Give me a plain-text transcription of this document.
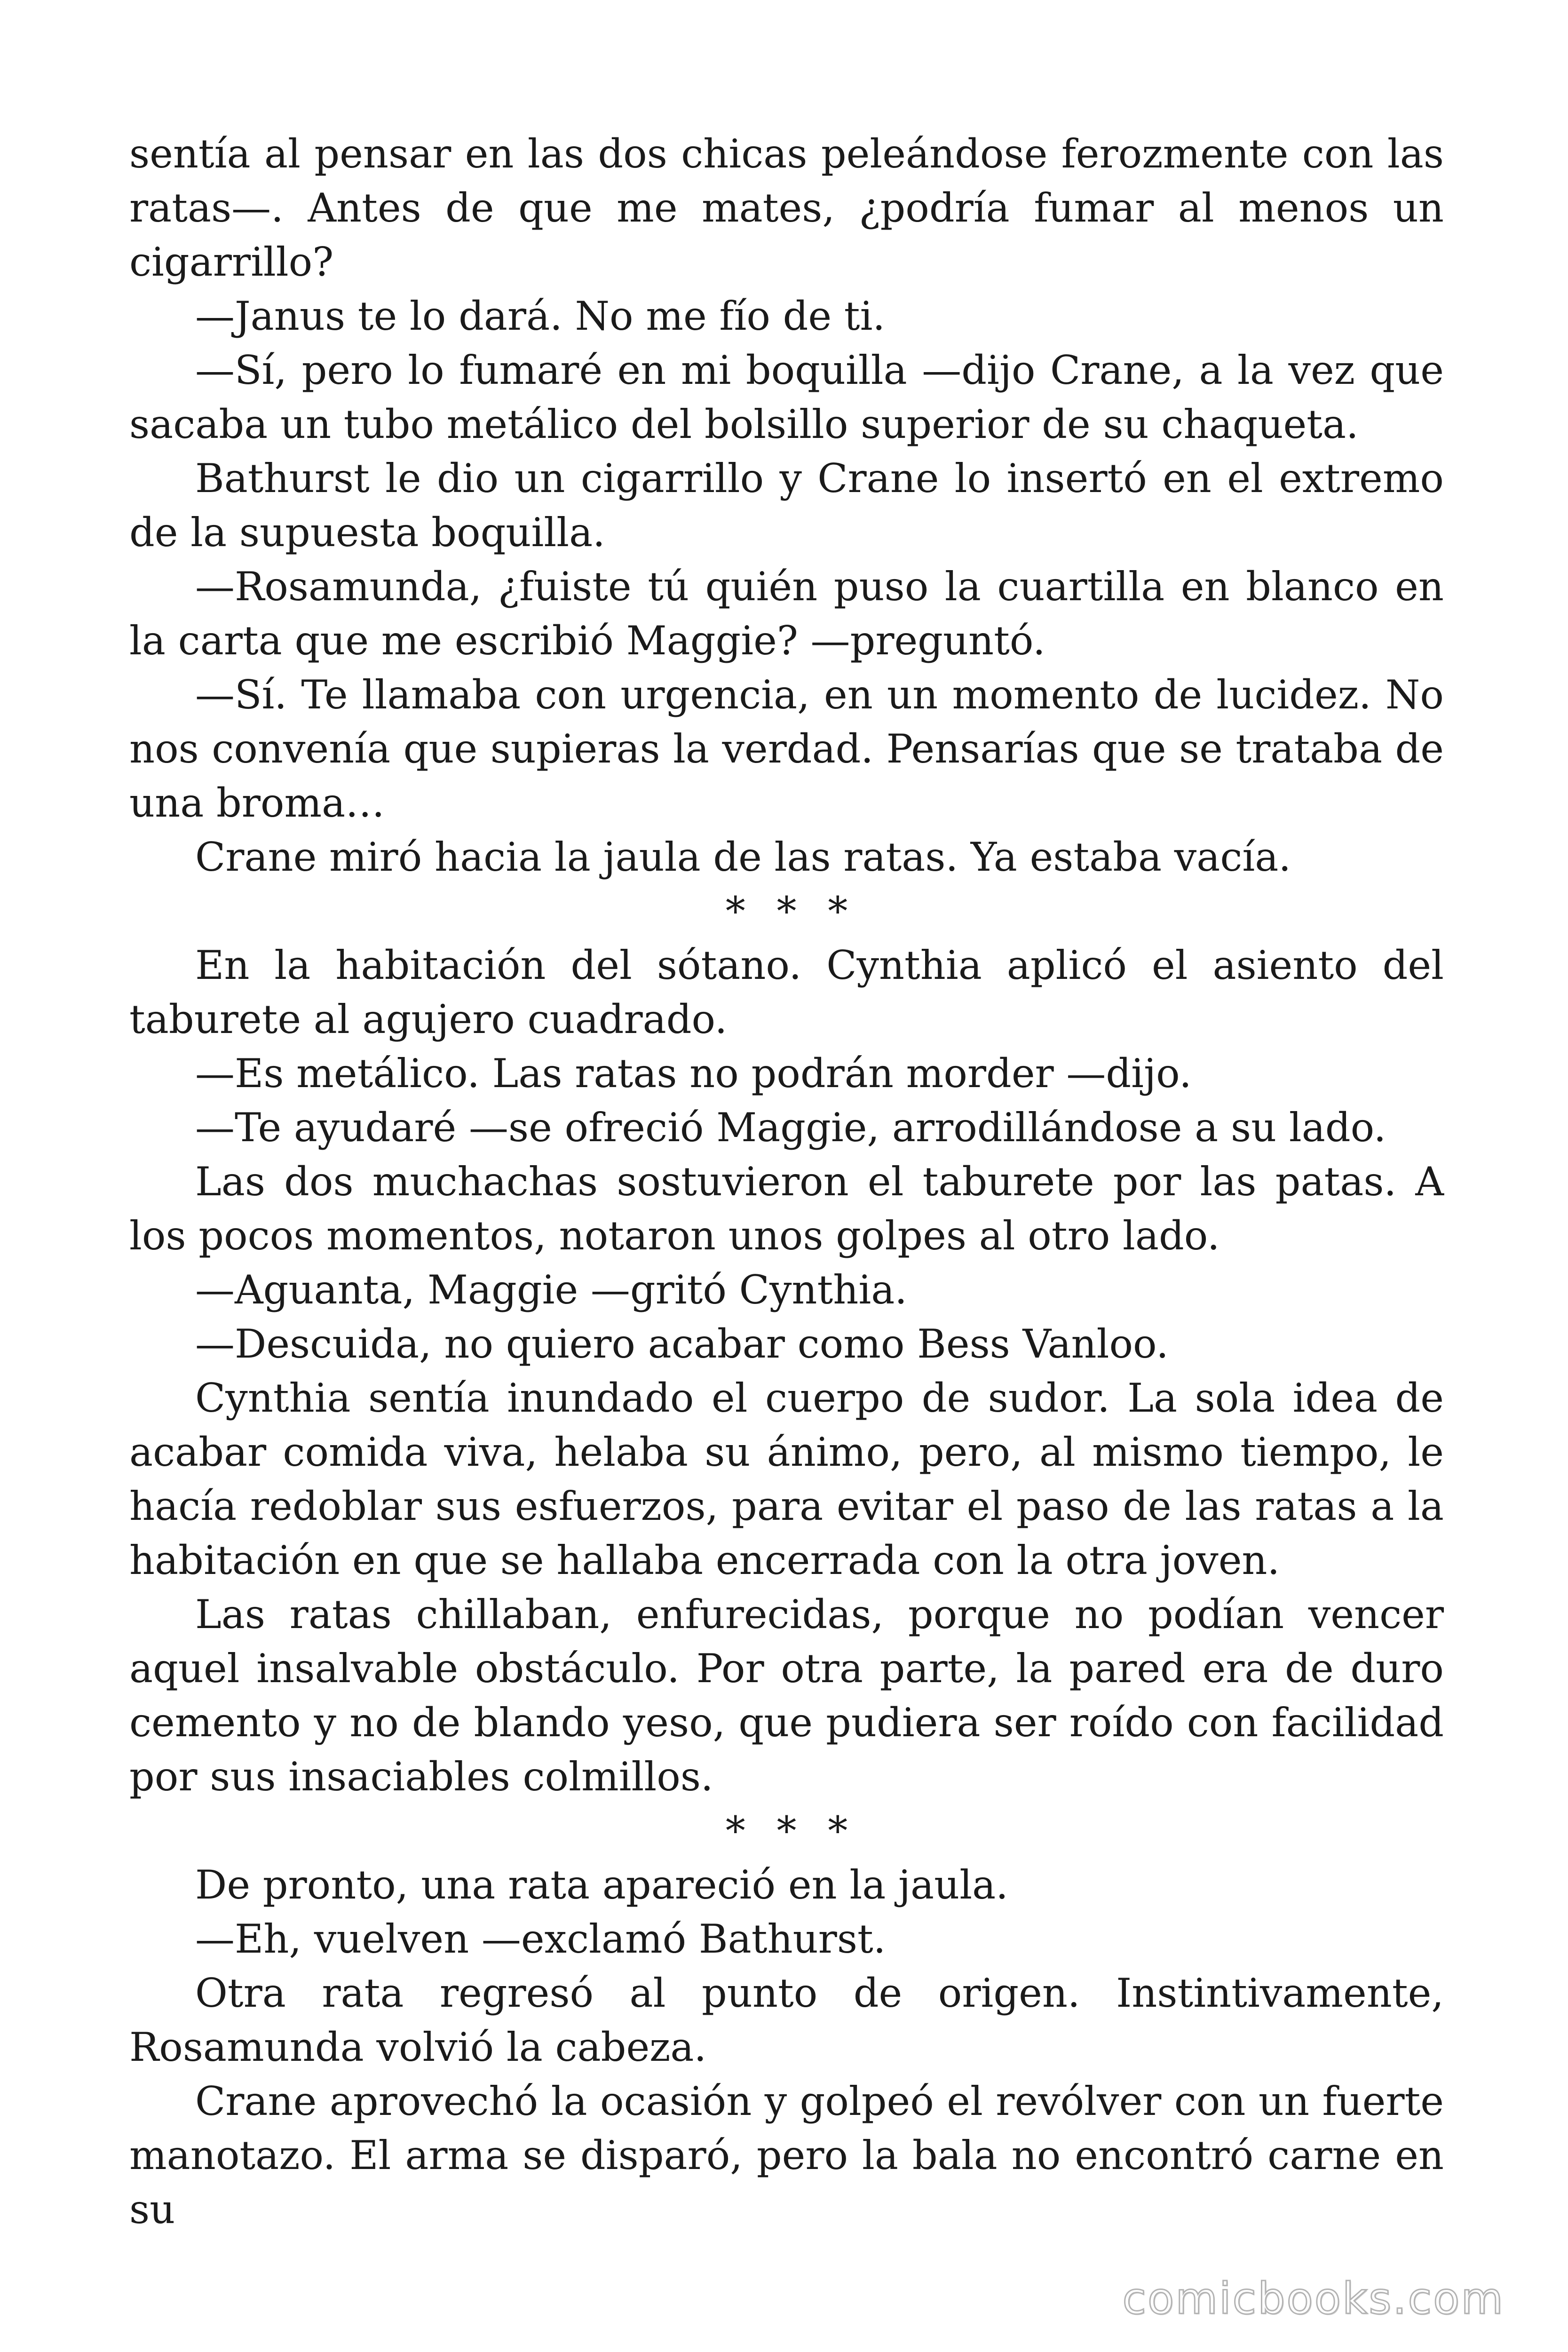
sentía al pensar en las dos chicas peleándose ferozmente con las ratas—. Antes de que me mates, ¿podría fumar al menos un cigarrillo?

—Janus te lo dará. No me fío de ti.

—Sí, pero lo fumaré en mi boquilla —dijo Crane, a la vez que sacaba un tubo metálico del bolsillo superior de su chaqueta.

Bathurst le dio un cigarrillo y Crane lo insertó en el extremo de la supuesta boquilla.

—Rosamunda, ¿fuiste tú quién puso la cuartilla en blanco en la carta que me escribió Maggie? —preguntó.

—Sí. Te llamaba con urgencia, en un momento de lucidez. No nos convenía que supieras la verdad. Pensarías que se trataba de una broma…

Crane miró hacia la jaula de las ratas. Ya estaba vacía.

* * *

En la habitación del sótano. Cynthia aplicó el asiento del taburete al agujero cuadrado.

—Es metálico. Las ratas no podrán morder —dijo.

—Te ayudaré —se ofreció Maggie, arrodillándose a su lado.

Las dos muchachas sostuvieron el taburete por las patas. A los pocos momentos, notaron unos golpes al otro lado.

—Aguanta, Maggie —gritó Cynthia.

—Descuida, no quiero acabar como Bess Vanloo.

Cynthia sentía inundado el cuerpo de sudor. La sola idea de acabar comida viva, helaba su ánimo, pero, al mismo tiempo, le hacía redoblar sus esfuerzos, para evitar el paso de las ratas a la habitación en que se hallaba encerrada con la otra joven.

Las ratas chillaban, enfurecidas, porque no podían vencer aquel insalvable obstáculo. Por otra parte, la pared era de duro cemento y no de blando yeso, que pudiera ser roído con facilidad por sus insaciables colmillos.

* * *

De pronto, una rata apareció en la jaula.

—Eh, vuelven —exclamó Bathurst.

Otra rata regresó al punto de origen. Instintivamente, Rosamunda volvió la cabeza.

Crane aprovechó la ocasión y golpeó el revólver con un fuerte manotazo. El arma se disparó, pero la bala no encontró carne en su

comicbooks.com
